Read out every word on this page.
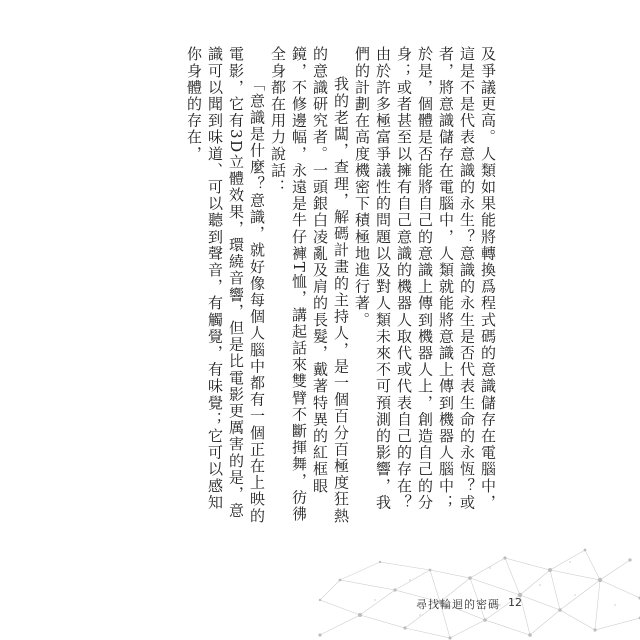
及爭議更高。人類如果能將轉換爲程式碼的意識儲存在電腦中，這是不是代表意識的永生？意識的永生是否代表生命的永恆？或者，將意識儲存在電腦中，人類就能將意識上傳到機器人腦中；於是，個體是否能將自己的意識上傳到機器人上，創造自己的分身；或者甚至以擁有自己意識的機器人取代或代表自己的存在？由於許多極富爭議性的問題以及對人類未來不可預測的影響，我們的計劃在高度機密下積極地進行著。

我的老闆，查理，解碼計畫的主持人，是一個百分百極度狂熱的意識研究者。一頭銀白凌亂及肩的長髮，戴著特異的紅框眼鏡，不修邊幅，永遠是牛仔褲T恤，講起話來雙臂不斷揮舞，彷彿全身都在用力說話：

「意識是什麼？意識，就好像每個人腦中都有一個正在上映的電影，它有3D立體效果，環繞音響，但是比電影更厲害的是，意識可以聞到味道、可以聽到聲音，有觸覺，有味覺；它可以感知你身體的存在，

尋找輪迴的密碼 12
